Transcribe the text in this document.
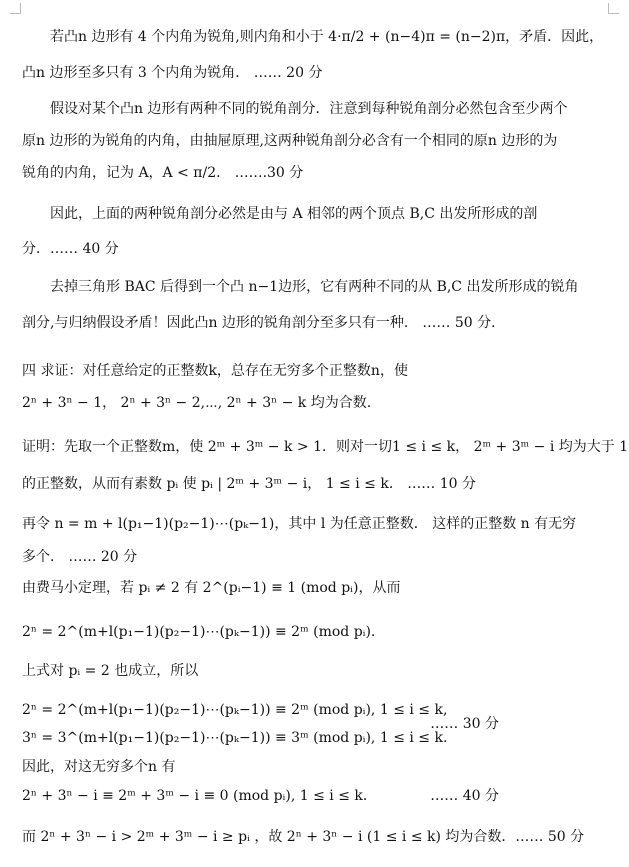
若凸n 边形有 4 个内角为锐角,则内角和小于 4·π/2 + (n−4)π = (n−2)π，矛盾．因此，
凸n 边形至多只有 3 个内角为锐角． …… 20 分
假设对某个凸n 边形有两种不同的锐角剖分．注意到每种锐角剖分必然包含至少两个
原n 边形的为锐角的内角，由抽屉原理,这两种锐角剖分必含有一个相同的原n 边形的为
锐角的内角，记为 A，A < π/2． …….30 分
因此，上面的两种锐角剖分必然是由与 A 相邻的两个顶点 B,C 出发所形成的剖
分．…… 40 分
去掉三角形 BAC 后得到一个凸 n−1边形，它有两种不同的从 B,C 出发所形成的锐角
剖分,与归纳假设矛盾！因此凸n 边形的锐角剖分至多只有一种． …… 50 分．
四 求证：对任意给定的正整数k，总存在无穷多个正整数n，使
2ⁿ + 3ⁿ − 1， 2ⁿ + 3ⁿ − 2,⋯, 2ⁿ + 3ⁿ − k 均为合数.
证明：先取一个正整数m，使 2ᵐ + 3ᵐ − k > 1．则对一切1 ≤ i ≤ k， 2ᵐ + 3ᵐ − i 均为大于 1
的正整数，从而有素数 pᵢ 使 pᵢ | 2ᵐ + 3ᵐ − i， 1 ≤ i ≤ k． …… 10 分
再令 n = m + l(p₁−1)(p₂−1)⋯(pₖ−1)，其中 l 为任意正整数． 这样的正整数 n 有无穷
多个． …… 20 分
由费马小定理，若 pᵢ ≠ 2 有 2^(pᵢ−1) ≡ 1 (mod pᵢ)，从而
2ⁿ = 2^(m+l(p₁−1)(p₂−1)⋯(pₖ−1)) ≡ 2ᵐ (mod pᵢ).
上式对 pᵢ = 2 也成立，所以
2ⁿ = 2^(m+l(p₁−1)(p₂−1)⋯(pₖ−1)) ≡ 2ᵐ (mod pᵢ), 1 ≤ i ≤ k,
3ⁿ = 3^(m+l(p₁−1)(p₂−1)⋯(pₖ−1)) ≡ 3ᵐ (mod pᵢ), 1 ≤ i ≤ k.
…… 30 分
因此，对这无穷多个n 有
2ⁿ + 3ⁿ − i ≡ 2ᵐ + 3ᵐ − i ≡ 0 (mod pᵢ), 1 ≤ i ≤ k．	…… 40 分
而 2ⁿ + 3ⁿ − i > 2ᵐ + 3ᵐ − i ≥ pᵢ ，故 2ⁿ + 3ⁿ − i (1 ≤ i ≤ k) 均为合数．…… 50 分
